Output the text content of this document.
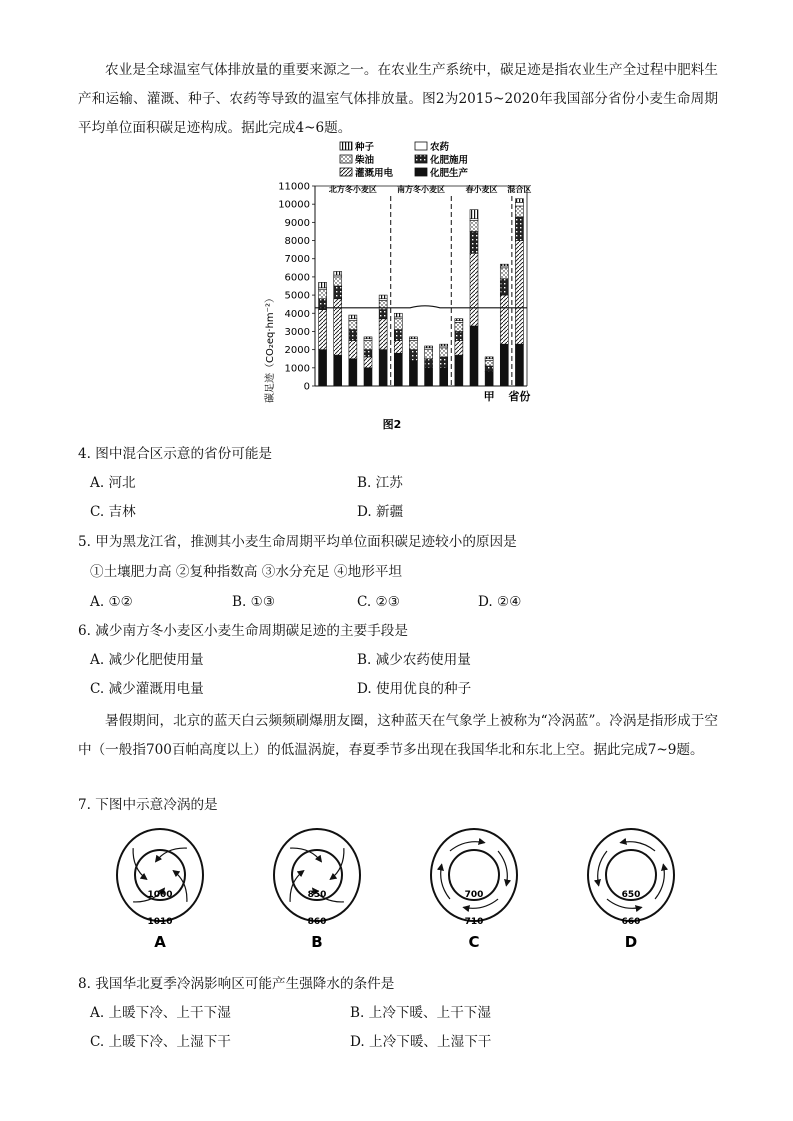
农业是全球温室气体排放量的重要来源之一。在农业生产系统中，碳足迹是指农业生产全过程中肥料生产和运输、灌溉、种子、农药等导致的温室气体排放量。图2为2015~2020年我国部分省份小麦生命周期平均单位面积碳足迹构成。据此完成4~6题。

种子	农药
柴油	化肥施用
灌溉用电	化肥生产
碳足迹（CO₂eq·hm⁻²）	0
1000
2000
3000
4000
5000
6000
7000
8000
9000
10000
11000 北方冬小麦区	南方冬小麦区	春小麦区 混合区
甲 省份
图2
4. 图中混合区示意的省份可能是
A. 河北	B. 江苏
C. 吉林	D. 新疆
5. 甲为黑龙江省，推测其小麦生命周期平均单位面积碳足迹较小的原因是
①土壤肥力高 ②复种指数高 ③水分充足 ④地形平坦
A. ①②	B. ①③	C. ②③	D. ②④
6. 减少南方冬小麦区小麦生命周期碳足迹的主要手段是
A. 减少化肥使用量	B. 减少农药使用量
C. 减少灌溉用电量	D. 使用优良的种子

暑假期间，北京的蓝天白云频频刷爆朋友圈，这种蓝天在气象学上被称为“冷涡蓝”。冷涡是指形成于空中（一般指700百帕高度以上）的低温涡旋，春夏季节多出现在我国华北和东北上空。据此完成7~9题。

7. 下图中示意冷涡的是
1000
1010
A
850
860
B
700
710
C
650
660
D
8. 我国华北夏季冷涡影响区可能产生强降水的条件是
A. 上暖下冷、上干下湿	B. 上冷下暖、上干下湿
C. 上暖下冷、上湿下干	D. 上冷下暖、上湿下干
